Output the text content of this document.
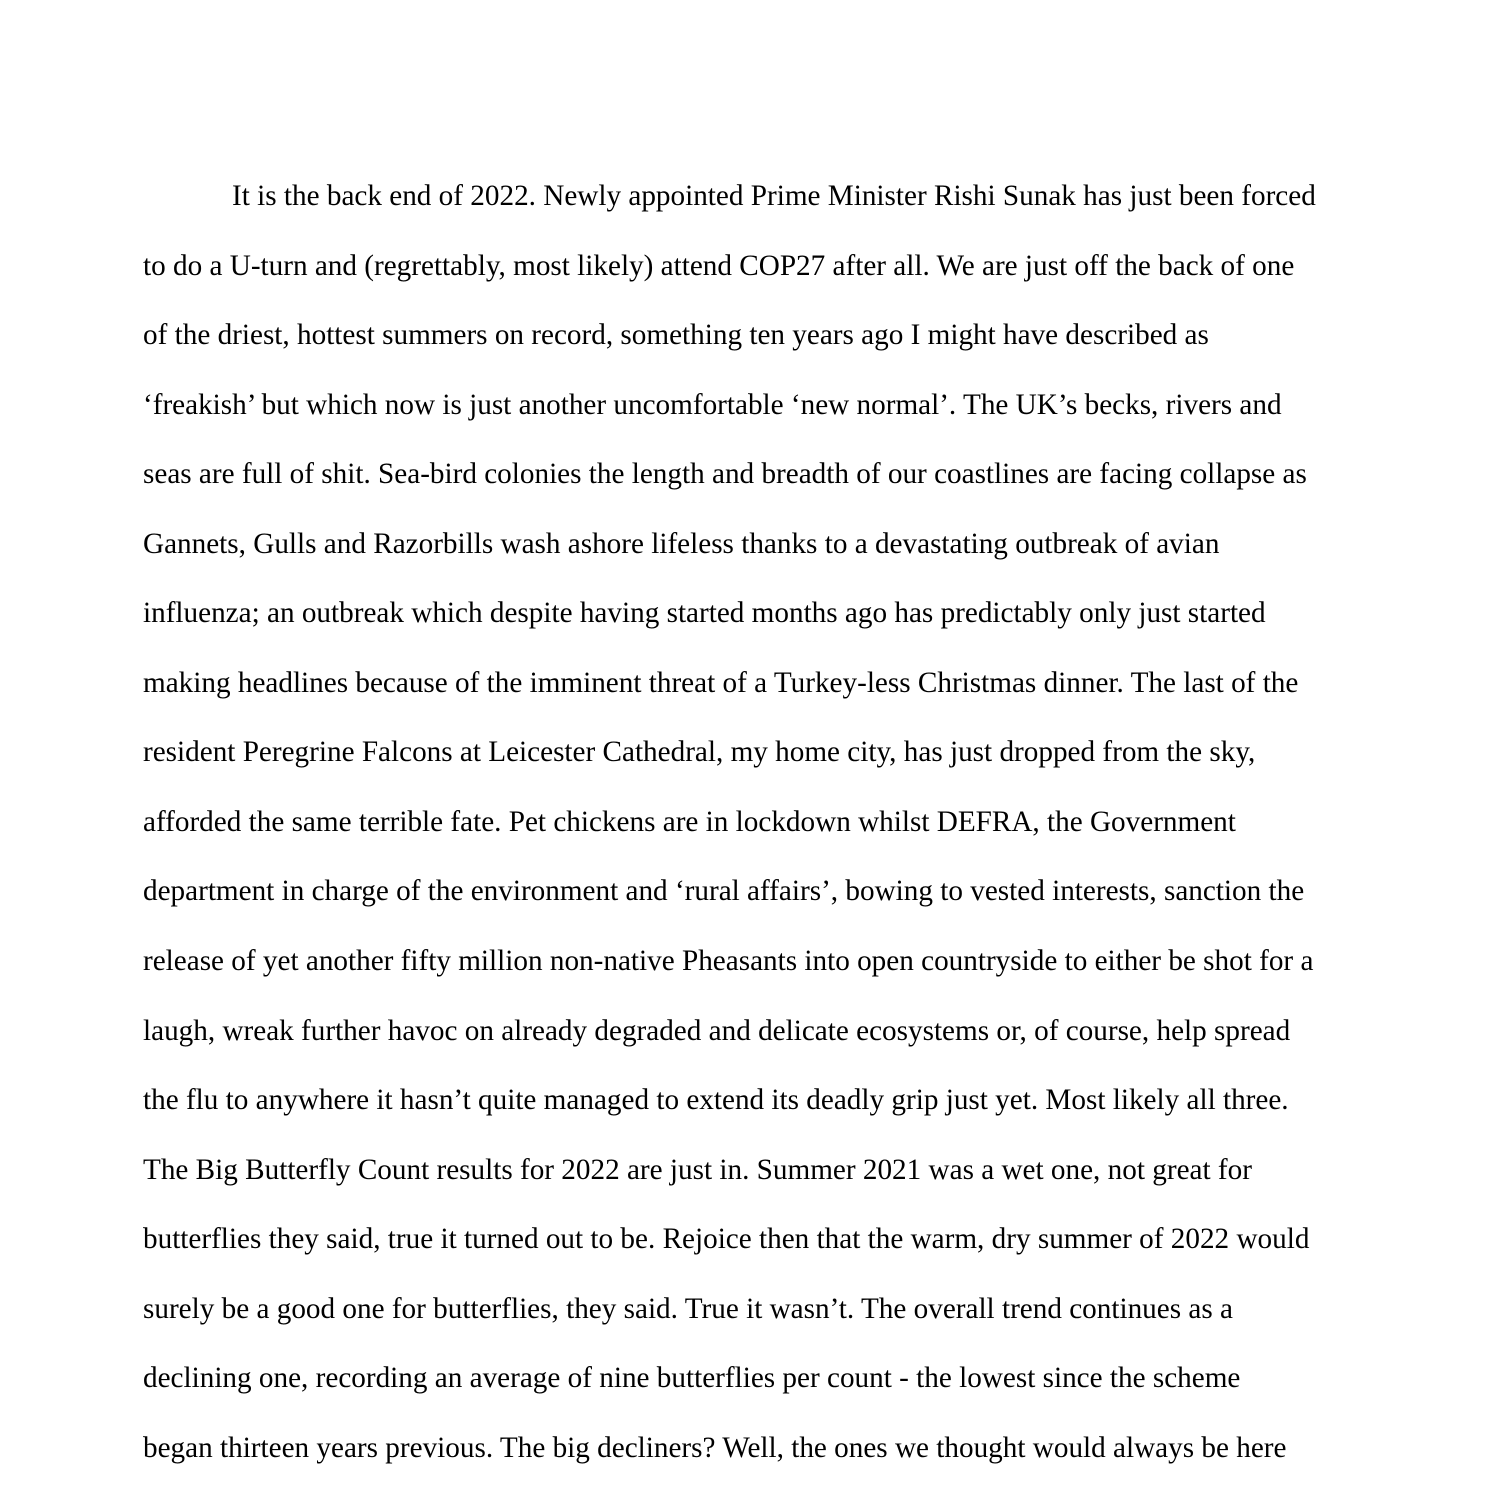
It is the back end of 2022. Newly appointed Prime Minister Rishi Sunak has just been forced
to do a U-turn and (regrettably, most likely) attend COP27 after all. We are just off the back of one
of the driest, hottest summers on record, something ten years ago I might have described as
‘freakish’ but which now is just another uncomfortable ‘new normal’. The UK’s becks, rivers and
seas are full of shit. Sea-bird colonies the length and breadth of our coastlines are facing collapse as
Gannets, Gulls and Razorbills wash ashore lifeless thanks to a devastating outbreak of avian
influenza; an outbreak which despite having started months ago has predictably only just started
making headlines because of the imminent threat of a Turkey-less Christmas dinner. The last of the
resident Peregrine Falcons at Leicester Cathedral, my home city, has just dropped from the sky,
afforded the same terrible fate. Pet chickens are in lockdown whilst DEFRA, the Government
department in charge of the environment and ‘rural affairs’, bowing to vested interests, sanction the
release of yet another fifty million non-native Pheasants into open countryside to either be shot for a
laugh, wreak further havoc on already degraded and delicate ecosystems or, of course, help spread
the flu to anywhere it hasn’t quite managed to extend its deadly grip just yet. Most likely all three.
The Big Butterfly Count results for 2022 are just in. Summer 2021 was a wet one, not great for
butterflies they said, true it turned out to be. Rejoice then that the warm, dry summer of 2022 would
surely be a good one for butterflies, they said. True it wasn’t. The overall trend continues as a
declining one, recording an average of nine butterflies per count - the lowest since the scheme
began thirteen years previous. The big decliners? Well, the ones we thought would always be here
